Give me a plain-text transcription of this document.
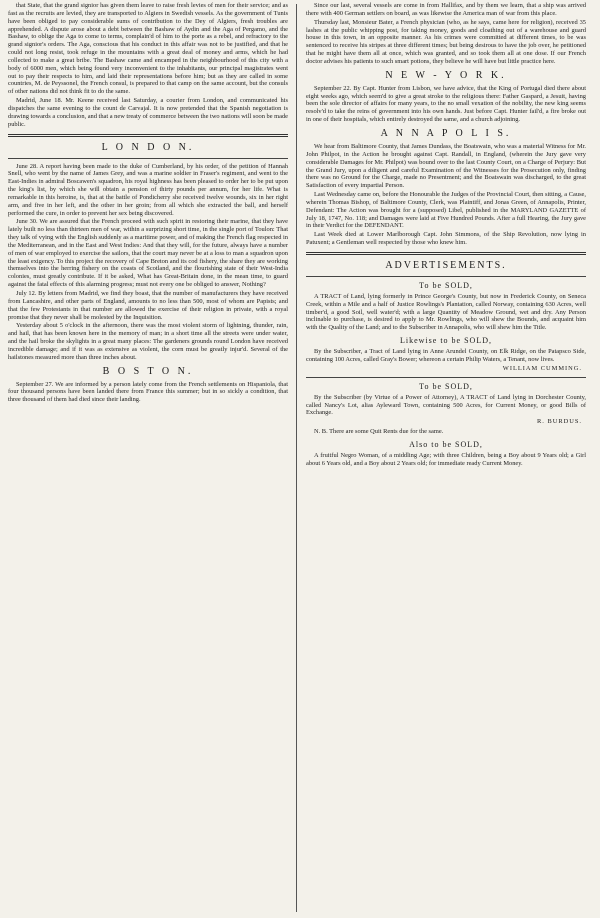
that State, that the grand signior has given them leave to raise fresh levies of men for their service; and as fast as the recruits are levied, they are transported to Algiers in Swedish vessels. As the government of Tunis have been obliged to pay considerable sums of contribution to the Dey of Algiers, fresh troubles are apprehended. A dispute arose about a debt between the Bashaw of Aydin and the Aga of Pergamo, and the Bashaw, to oblige the Aga to come to terms, complain'd of him to the porte as a rebel, and refractory to the grand signior's orders. The Aga, conscious that his conduct in this affair was not to be justified, and that he could not long resist, took refuge in the mountains with a great deal of money and arms, which he had collected to make a great bribe. The Bashaw came and encamped in the neighbourhood of this city with a body of 6000 men, which being found very inconvenient to the inhabitants, our principal magistrates went out to pay their respects to him, and laid their representations before him; but as they are called in some countries, M. de Peyssonel, the French consul, is prepared to that camp on the same account, but the consuls of other nations did not think fit to do the same.

Madrid, June 18. Mr. Keene received last Saturday, a courier from London, and communicated his dispatches the same evening to the count de Carvajal. It is now pretended that the Spanish negotiation is drawing towards a conclusion, and that a new treaty of commerce between the two nations will soon be made public.

L O N D O N.

June 28. A report having been made to the duke of Cumberland, by his order, of the petition of Hannah Snell, who went by the name of James Grey, and was a marine soldier in Fraser's regiment, and went to the East-Indies in admiral Boscawen's squadron, his royal highness has been pleased to order her to be put upon the king's list, by which she will obtain a pension of thirty pounds per annum, for her life. What is remarkable in this heroine, is, that at the battle of Pondicherry she received twelve wounds, six in her right arm, and five in her left, and the other in her groin; from all which she extracted the ball, and herself performed the cure, in order to prevent her sex being discovered.

June 30. We are assured that the French proceed with such spirit in restoring their marine, that they have lately built no less than thirteen men of war, within a surprizing short time, in the single port of Toulon: That they talk of vying with the English suddenly as a maritime power, and of making the French flag respected in the Mediterranean, and in the East and West Indies: And that they will, for the future, always have a number of men of war employed to exercise the sailors, that the court may never be at a loss to man a squadron upon the least exigency. To this project the recovery of Cape Breton and its cod fishery, the share they are working themselves into the herring fishery on the coasts of Scotland, and the flourishing state of their West-India colonies, must greatly contribute. If it be asked, What has Great-Britain done, in the mean time, to guard against the fatal effects of this alarming progress; must not every one be obliged to answer, Nothing?

July 12. By letters from Madrid, we find they boast, that the number of manufacturers they have received from Lancashire, and other parts of England, amounts to no less than 500, most of whom are Papists; and that the few Protestants in that number are allowed the exercise of their religion in private, with a royal promise that they never shall be molested by the Inquisition.

Yesterday about 5 o'clock in the afternoon, there was the most violent storm of lightning, thunder, rain, and hail, that has been known here in the memory of man; in a short time all the streets were under water, and the hail broke the skylights in a great many places: The gardeners grounds round London have received incredible damage; and if it was as extensive as violent, the corn must be greatly injur'd. Several of the hailstones measured more than three inches about.

B O S T O N.

September 27. We are informed by a person lately come from the French settlements on Hispaniola, that four thousand persons have been landed there from France this summer; but in so sickly a condition, that three thousand of them had died since their landing.

Since our last, several vessels are come in from Hallifax, and by them we learn, that a ship was arrived there with 400 German settlers on board, as was likewise the America man of war from this place.

Thursday last, Monsieur Bater, a French physician (who, as he says, came here for religion), received 35 lashes at the public whipping post, for taking money, goods and cloathing out of a warehouse and guard house in this town, in an opposite manner. As his crimes were committed at different times, to be was sentenced to receive his stripes at three different times; but being desirous to have the job over, he petitioned that he might have them all at once, which was granted, and so took them all at one dose. If our French doctor advises his patients to such smart potions, they believe he will have but little practice here.

N E W - Y O R K.

September 22. By Capt. Hunter from Lisbon, we have advice, that the King of Portugal died there about eight weeks ago, which seem'd to give a great stroke to the religious there: Father Gaspard, a Jesuit, having been the sole director of affairs for many years, to the no small vexation of the nobility, the new king seems resolv'd to take the reins of government into his own hands. Just before Capt. Hunter fail'd, a fire broke out in one of their hospitals, which entirely destroyed the same, and a church adjoining.

A N N A P O L I S.

We hear from Baltimore County, that James Dundass, the Boatswain, who was a material Witness for Mr. John Philpot, in the Action he brought against Capt. Randall, in England, (wherein the Jury gave very considerable Damages for Mr. Philpot) was bound over to the last County Court, on a Charge of Perjury: But the Grand Jury, upon a diligent and careful Examination of the Witnesses for the Prosecution only, finding there was no Ground for the Charge, made no Presentment; and the Boatswain was discharged, to the great Satisfaction of every impartial Person.

Last Wednesday came on, before the Honourable the Judges of the Provincial Court, then sitting, a Cause, wherein Thomas Bishop, of Baltimore County, Clerk, was Plaintiff, and Jonas Green, of Annapolis, Printer, Defendant: The Action was brought for a (supposed) Libel, published in the MARYLAND GAZETTE of July 18, 1747, No. 118; and Damages were laid at Five Hundred Pounds. After a full Hearing, the Jury gave in their Verdict for the DEFENDANT.

Last Week died at Lower Marlborough Capt. John Simmons, of the Ship Revolution, now lying in Patuxent; a Gentleman well respected by those who knew him.

ADVERTISEMENTS.
To be SOLD,

A TRACT of Land, lying formerly in Prince George's County, but now in Frederick County, on Seneca Creek, within a Mile and a half of Justice Rowlings's Plantation, called Norway, containing 630 Acres, well timber'd, a good Soil, well water'd; with a large Quantity of Meadow Ground, wet and dry. Any Person inclinable to purchase, is desired to apply to Mr. Rowlings, who will shew the Bounds, and acquaint him with the Quality of the Land; and to the Subscriber in Annapolis, who will shew him the Title.

Likewise to be SOLD,

By the Subscriber, a Tract of Land lying in Anne Arundel County, on Elk Ridge, on the Patapsco Side, containing 100 Acres, called Gray's Bower; whereon a certain Philip Waters, a Tenant, now lives.

WILLIAM CUMMING.
To be SOLD,

By the Subscriber (by Virtue of a Power of Attorney), A TRACT of Land lying in Dorchester County, called Nancy's Lot, alias Ayleward Town, containing 500 Acres, for Current Money, or good Bills of Exchange.

R. BURDUS.

N. B. There are some Quit Rents due for the same.

Also to be SOLD,

A fruitful Negro Woman, of a middling Age; with three Children, being a Boy about 9 Years old; a Girl about 6 Years old, and a Boy about 2 Years old; for immediate ready Current Money.
